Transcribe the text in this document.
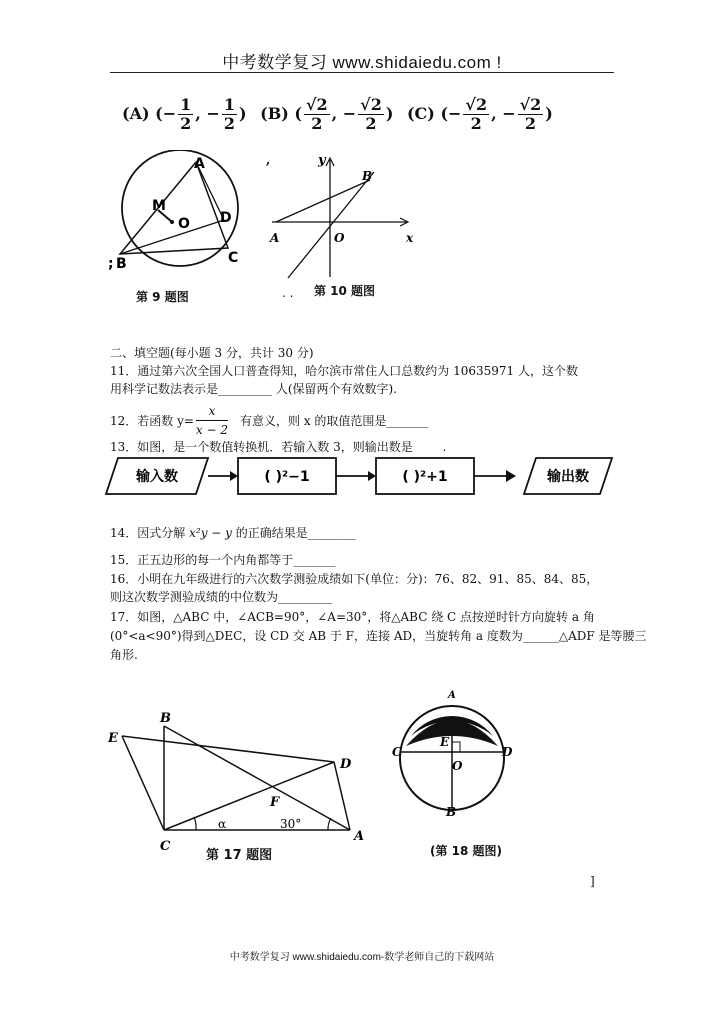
中考数学复习 www.shidaiedu.com !
(A) (− $\frac{1}{2}$ , − $\frac{1}{2}$ ) (B) ( $\frac{√2}{2}$ , − $\frac{√2}{2}$ ) (C) (− $\frac{√2}{2}$ , − $\frac{√2}{2}$ )
A
M
O D
; B	C
第 9 题图
,	y
B
A	O	x
. . 第 10 题图
二、填空题(每小题 3 分，共计 30 分)
11．通过第六次全国人口普查得知，哈尔滨市常住人口总数约为 10635971 人，这个数
用科学记数法表示是_________ 人(保留两个有效数字).
12．若函数 $y= \frac{x}{x - 2}$ 有意义，则 x 的取值范围是_______
13．如图，是一个数值转换机．若输入数 3，则输出数是 .
输入数	( )²−1	( )²+1	输出数
14．因式分解 x²y − y 的正确结果是________
15．正五边形的每一个内角都等于_______
16．小明在九年级进行的六次数学测验成绩如下(单位：分)：76、82、91、85、84、85，
则这次数学测验成绩的中位数为_________
17．如图，△ABC 中，∠ACB=90°，∠A=30°，将△ABC 绕 C 点按逆时针方向旋转 a 角
(0°<a<90°)得到△DEC，设 CD 交 AB 于 F，连接 AD，当旋转角 a 度数为______△ADF 是等腰三
角形.
B
E
D
F
C
A
α	30°
第 17 题图
A
C
E
D
O
B
(第 18 题图)
]
中考数学复习 www.shidaiedu.com-数学老师自己的下载网站
